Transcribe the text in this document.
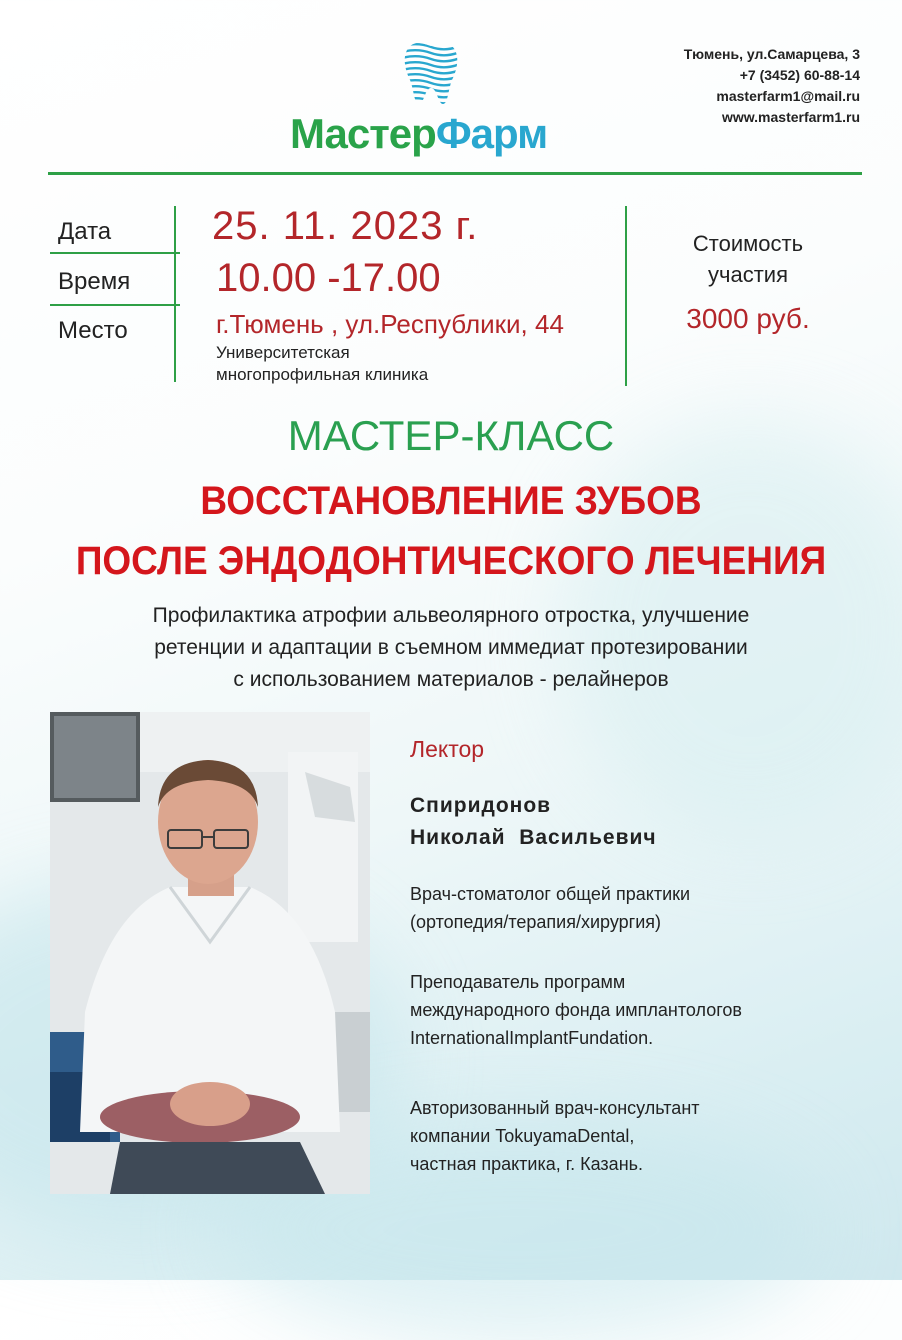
МастерФарм
Тюмень, ул.Самарцева, 3
+7 (3452) 60-88-14
masterfarm1@mail.ru
www.masterfarm1.ru
Дата
Время
Место
25. 11. 2023 г.
10.00 -17.00
г.Тюмень , ул.Республики, 44
Университетская
многопрофильная клиника
Стоимость
участия
3000 руб.
МАСТЕР-КЛАСС
ВОССТАНОВЛЕНИЕ ЗУБОВ
ПОСЛЕ ЭНДОДОНТИЧЕСКОГО ЛЕЧЕНИЯ
Профилактика атрофии альвеолярного отростка, улучшение
ретенции и адаптации в съемном иммедиат протезировании
с использованием материалов - релайнеров
Лектор
Спиридонов
Николай  Васильевич
Врач-стоматолог общей практики
(ортопедия/терапия/хирургия)
Преподаватель программ
международного фонда имплантологов
InternationalImplantFundation.
Авторизованный врач-консультант
компании TokuyamaDental,
частная практика, г. Казань.
